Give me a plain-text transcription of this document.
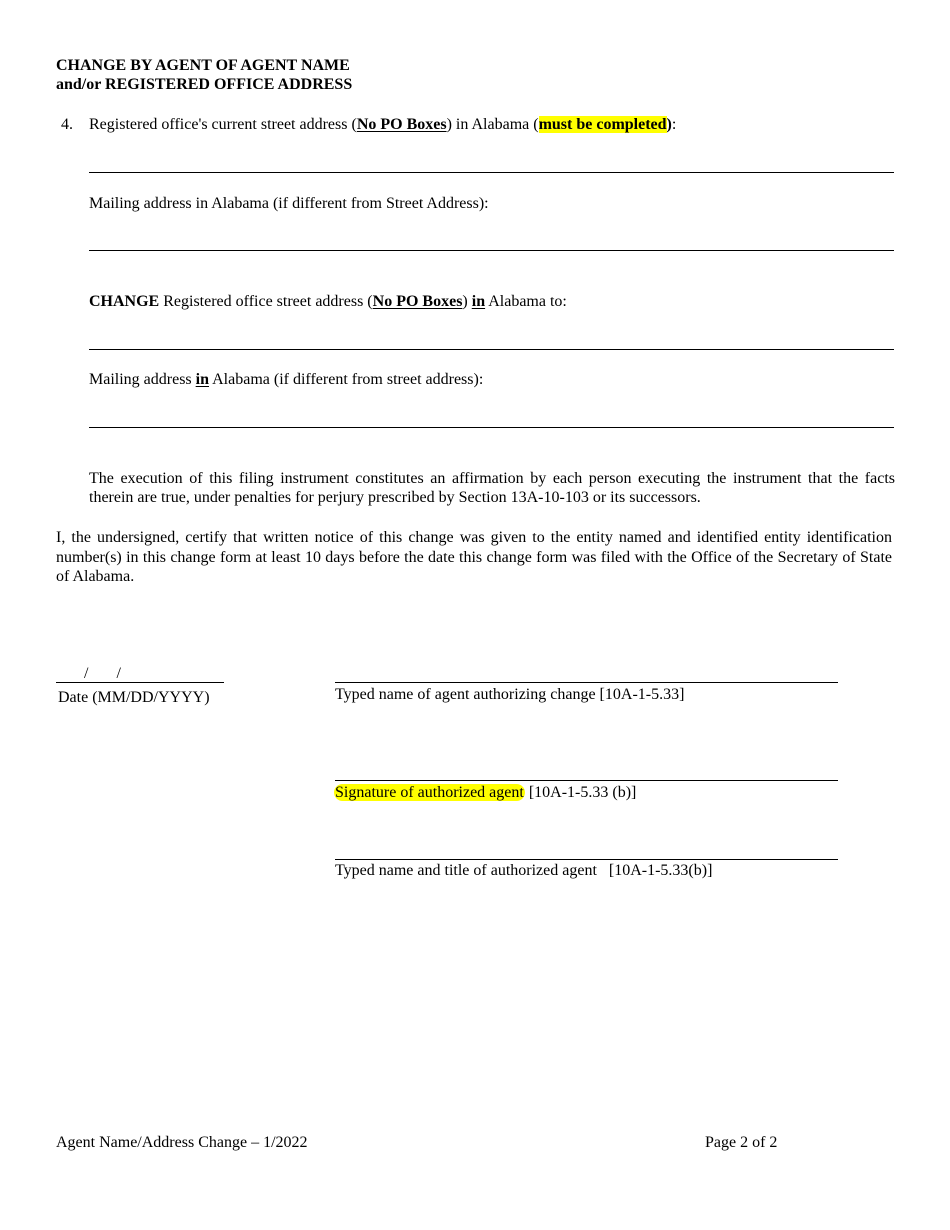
CHANGE BY AGENT OF AGENT NAME
and/or REGISTERED OFFICE ADDRESS
4. Registered office's current street address (No PO Boxes) in Alabama (must be completed):
Mailing address in Alabama (if different from Street Address):
CHANGE Registered office street address (No PO Boxes) in Alabama to:
Mailing address in Alabama (if different from street address):
The execution of this filing instrument constitutes an affirmation by each person executing the instrument that the facts therein are true, under penalties for perjury prescribed by Section 13A-10-103 or its successors.
I, the undersigned, certify that written notice of this change was given to the entity named and identified entity identification number(s) in this change form at least 10 days before the date this change form was filed with the Office of the Secretary of State of Alabama.
/       /
Date (MM/DD/YYYY)	Typed name of agent authorizing change [10A-1-5.33]
Signature of authorized agent [10A-1-5.33 (b)]
Typed name and title of authorized agent   [10A-1-5.33(b)]
Agent Name/Address Change – 1/2022	Page 2 of 2
